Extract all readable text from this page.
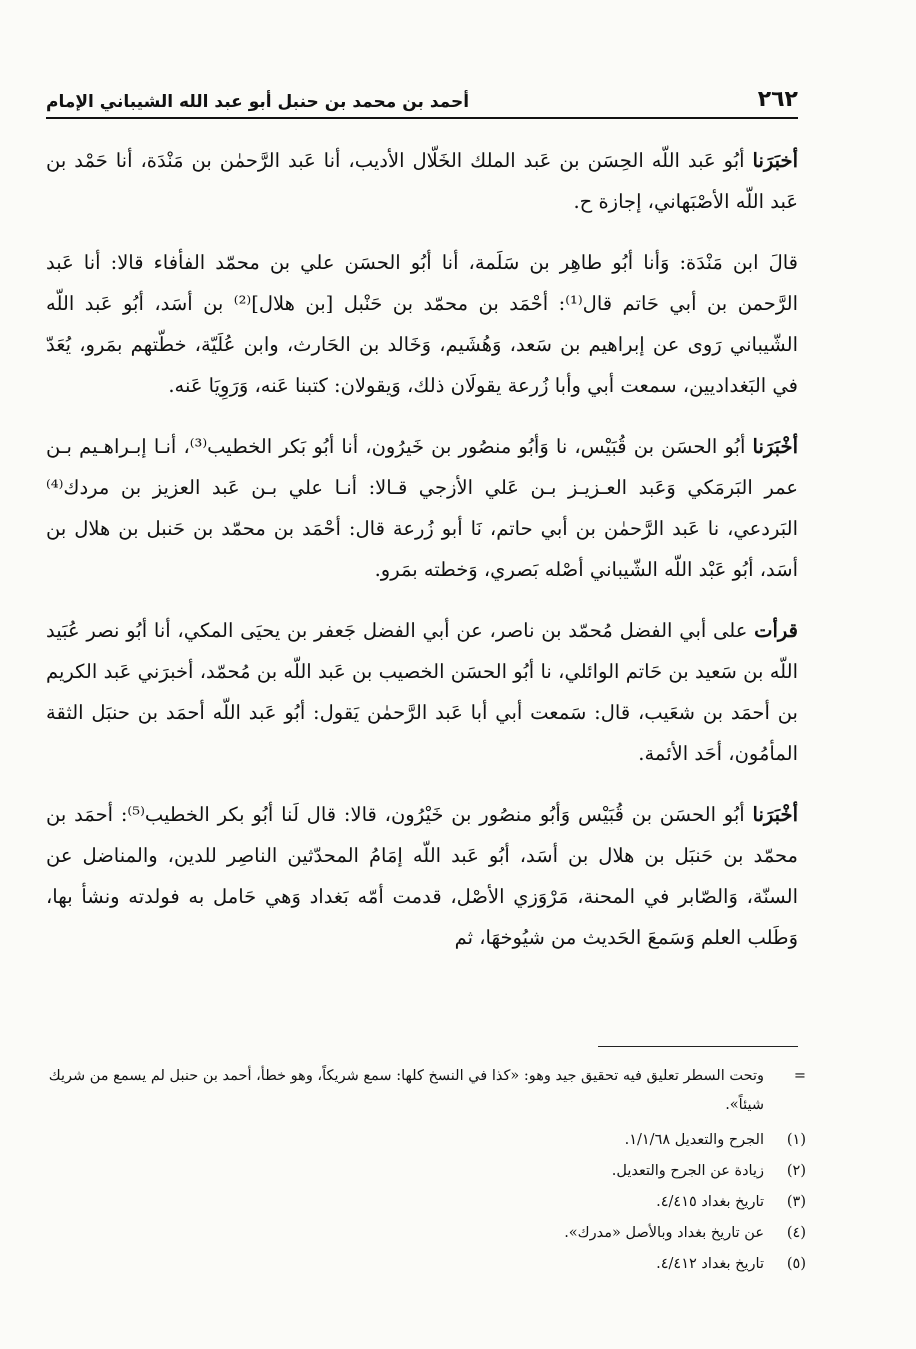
٢٦٢
أحمد بن محمد بن حنبل أبو عبد الله الشيباني الإمام

أخبَرَنا أبُو عَبد اللّه الحِسَن بن عَبد الملك الخَلّال الأديب، أنا عَبد الرَّحمٰن بن مَنْدَة، أنا حَمْد بن عَبد اللّه الأصْبَهاني، إجازة ح.

قالَ ابن مَنْدَة: وَأنا أبُو طاهِر بن سَلَمة، أنا أبُو الحسَن علي بن محمّد الفأفاء قالا: أنا عَبد الرَّحمن بن أبي حَاتم قال⁽¹⁾: أحْمَد بن محمّد بن حَنْبل [بن هلال]⁽²⁾ بن أسَد، أبُو عَبد اللّه الشّيباني رَوى عن إبراهيم بن سَعد، وَهُشَيم، وَخَالد بن الحَارث، وابن عُلَيّة، خطّتهم بمَرو، يُعَدّ في البَغداديين، سمعت أبي وأبا زُرعة يقولَان ذلك، وَيقولان: كتبنا عَنه، وَرَوِيَا عَنه.

أخْبَرَنا أبُو الحسَن بن قُبَيْس، نا وَأبُو منصُور بن خَيرُون، أنا أبُو بَكر الخطيب⁽³⁾، أنـا إبـراهـيم بـن عمر البَرمَكي وَعَبد العـزيـز بـن عَلي الأزجي قـالا: أنـا علي بـن عَبد العزيز بن مردك⁽⁴⁾ البَردعي، نا عَبد الرَّحمٰن بن أبي حاتم، نَا أبو زُرعة قال: أحْمَد بن محمّد بن حَنبل بن هلال بن أسَد، أبُو عَبْد اللّه الشّيباني أصْله بَصري، وَخطته بمَرو.

قرأت على أبي الفضل مُحمّد بن ناصر، عن أبي الفضل جَعفر بن يحيَى المكي، أنا أبُو نصر عُبَيد اللّه بن سَعيد بن حَاتم الوائلي، نا أبُو الحسَن الخصيب بن عَبد اللّه بن مُحمّد، أخبرَني عَبد الكريم بن أحمَد بن شعَيب، قال: سَمعت أبي أبا عَبد الرَّحمٰن يَقول: أبُو عَبد اللّه أحمَد بن حنبَل الثقة المأمُون، أحَد الأئمة.

أخْبَرَنا أبُو الحسَن بن قُبَيْس وَأبُو منصُور بن خَيْرُون، قالا: قال لَنا أبُو بكر الخطيب⁽⁵⁾: أحمَد بن محمّد بن حَنبَل بن هلال بن أسَد، أبُو عَبد اللّه إمَامُ المحدّثين الناصِر للدين، والمناضل عن السنّة، وَالصّابر في المحنة، مَرْوَزي الأصْل، قدمت أمّه بَغداد وَهي حَامل به فولدته ونشأ بها، وَطَلب العلم وَسَمعَ الحَديث من شيُوخهَا، ثم

=
وتحت السطر تعليق فيه تحقيق جيد وهو: «كذا في النسخ كلها: سمع شريكاً، وهو خطأ، أحمد بن حنبل لم يسمع من شريك شيئاً».

(١)
الجرح والتعديل ١/١/٦٨.
(٢)
زيادة عن الجرح والتعديل.
(٣)
تاريخ بغداد ٤/٤١٥.
(٤)
عن تاريخ بغداد وبالأصل «مدرك».
(٥)
تاريخ بغداد ٤/٤١٢.
